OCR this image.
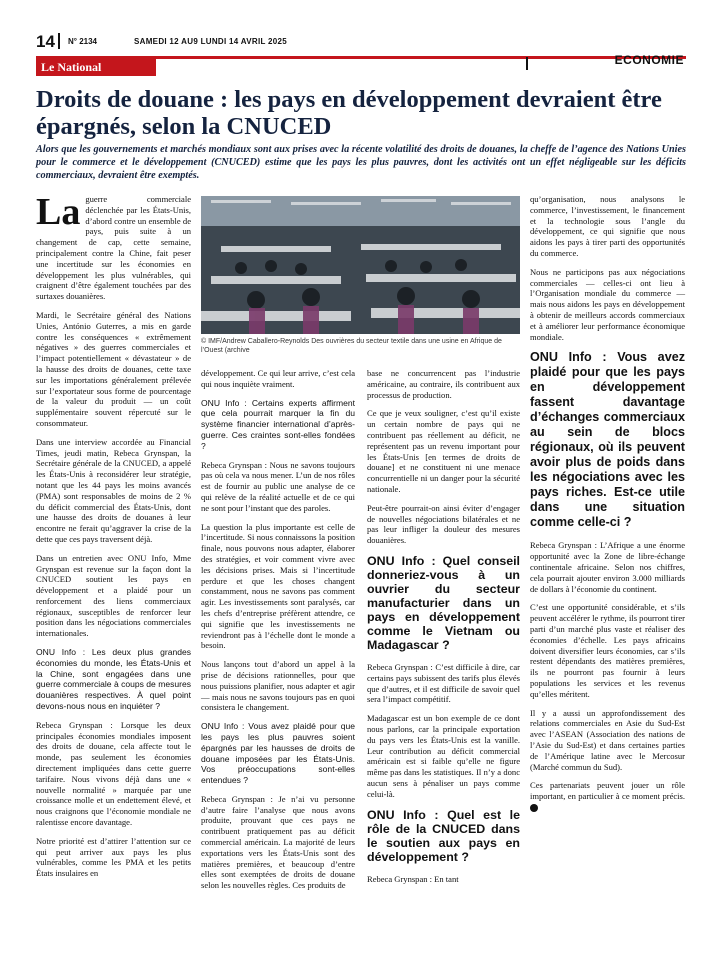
14 N° 2134	SAMEDI 12 AU9 LUNDI 14 AVRIL 2025
Le National	ECONOMIE
Droits de douane : les pays en développement devraient être épargnés, selon la CNUCED

Alors que les gouvernements et marchés mondiaux sont aux prises avec la récente volatilité des droits de douanes, la cheffe de l’agence des Nations Unies pour le commerce et le développement (CNUCED) estime que les pays les plus pauvres, dont les activités ont un effet négligeable sur les déficits commerciaux, devraient être exemptés.

La guerre commerciale déclenchée par les États-Unis, d’abord contre un ensemble de pays, puis suite à un changement de cap, cette semaine, principalement contre la Chine, fait peser une incertitude sur les économies en développement les plus vulnérables, qui craignent d’être également touchées par des surtaxes douanières.

Mardi, le Secrétaire général des Nations Unies, António Guterres, a mis en garde contre les conséquences « extrêmement négatives » des guerres commerciales et l’impact potentiellement « dévastateur » de la hausse des droits de douanes, cette taxe sur les importations généralement prélevée sur l’exportateur sous forme de pourcentage de la valeur du produit — un coût supplémentaire souvent répercuté sur le consommateur.

Dans une interview accordée au Financial Times, jeudi matin, Rebeca Grynspan, la Secrétaire générale de la CNUCED, a appelé les États-Unis à reconsidérer leur stratégie, notant que les 44 pays les moins avancés (PMA) sont responsables de moins de 2 % du déficit commercial des États-Unis, dont une hausse des droits de douanes à leur encontre ne ferait qu’aggraver la crise de la dette que ces pays traversent déjà.

Dans un entretien avec ONU Info, Mme Grynspan est revenue sur la façon dont la CNUCED soutient les pays en développement et a plaidé pour un renforcement des liens commerciaux régionaux, susceptibles de renforcer leur position dans les négociations commerciales internationales.

ONU Info : Les deux plus grandes économies du monde, les États-Unis et la Chine, sont engagées dans une guerre commerciale à coups de mesures douanières respectives. À quel point devons-nous nous en inquiéter ?

Rebeca Grynspan : Lorsque les deux principales économies mondiales imposent des droits de douane, cela affecte tout le monde, pas seulement les économies directement impliquées dans cette guerre tarifaire. Nous vivons déjà dans une « nouvelle normalité » marquée par une croissance molle et un endettement élevé, et nous craignons que l’économie mondiale ne ralentisse encore davantage.

Notre priorité est d’attirer l’attention sur ce qui peut arriver aux pays les plus vulnérables, comme les PMA et les petits États insulaires en

© IMF/Andrew Caballero-Reynolds Des ouvrières du secteur textile dans une usine en Afrique de l’Ouest (archive

développement. Ce qui leur arrive, c’est cela qui nous inquiète vraiment.

ONU Info : Certains experts affirment que cela pourrait marquer la fin du système financier international d’après-guerre. Ces craintes sont-elles fondées ?

Rebeca Grynspan : Nous ne savons toujours pas où cela va nous mener. L’un de nos rôles est de fournir au public une analyse de ce qui relève de la réalité actuelle et de ce qui ne sont pour l’instant que des paroles.

La question la plus importante est celle de l’incertitude. Si nous connaissons la position finale, nous pouvons nous adapter, élaborer des stratégies, et voir comment vivre avec les décisions prises. Mais si l’incertitude perdure et que les choses changent constamment, nous ne savons pas comment agir. Les investissements sont paralysés, car les chefs d’entreprise préfèrent attendre, ce qui signifie que les investissements ne reviendront pas à l’échelle dont le monde a besoin.

Nous lançons tout d’abord un appel à la prise de décisions rationnelles, pour que nous puissions planifier, nous adapter et agir — mais nous ne savons toujours pas en quoi consistera le changement.

ONU Info : Vous avez plaidé pour que les pays les plus pauvres soient épargnés par les hausses de droits de douane imposées par les États-Unis. Vos préoccupations sont-elles entendues ?

Rebeca Grynspan : Je n’ai vu personne d’autre faire l’analyse que nous avons produite, prouvant que ces pays ne contribuent pratiquement pas au déficit commercial américain. La majorité de leurs exportations vers les États-Unis sont des matières premières, et beaucoup d’entre elles sont exemptées de droits de douane selon les nouvelles règles. Ces produits de

base ne concurrencent pas l’industrie américaine, au contraire, ils contribuent aux processus de production.

Ce que je veux souligner, c’est qu’il existe un certain nombre de pays qui ne contribuent pas réellement au déficit, ne représentent pas un revenu important pour les États-Unis [en termes de droits de douane] et ne constituent ni une menace concurrentielle ni un danger pour la sécurité nationale.

Peut-être pourrait-on ainsi éviter d’engager de nouvelles négociations bilatérales et ne pas leur infliger la douleur des mesures douanières.

ONU Info : Quel conseil donneriez-vous à un ouvrier du secteur manufacturier dans un pays en développement comme le Vietnam ou Madagascar ?

Rebeca Grynspan : C’est difficile à dire, car certains pays subissent des tarifs plus élevés que d’autres, et il est difficile de savoir quel sera l’impact compétitif.

Madagascar est un bon exemple de ce dont nous parlons, car la principale exportation du pays vers les États-Unis est la vanille. Leur contribution au déficit commercial américain est si faible qu’elle ne figure même pas dans les statistiques. Il n’y a donc aucun sens à pénaliser un pays comme celui-là.

ONU Info : Quel est le rôle de la CNUCED dans le soutien aux pays en développement ?

Rebeca Grynspan : En tant

qu’organisation, nous analysons le commerce, l’investissement, le financement et la technologie sous l’angle du développement, ce qui signifie que nous aidons les pays à tirer parti des opportunités du commerce.

Nous ne participons pas aux négociations commerciales — celles-ci ont lieu à l’Organisation mondiale du commerce — mais nous aidons les pays en développement à obtenir de meilleurs accords commerciaux et à améliorer leur performance économique mondiale.

ONU Info : Vous avez plaidé pour que les pays en développement fassent davantage d’échanges commerciaux au sein de blocs régionaux, où ils peuvent avoir plus de poids dans les négociations avec les pays riches. Est-ce utile dans une situation comme celle-ci ?

Rebeca Grynspan : L’Afrique a une énorme opportunité avec la Zone de libre-échange continentale africaine. Selon nos chiffres, cela pourrait ajouter environ 3.000 milliards de dollars à l’économie du continent.

C’est une opportunité considérable, et s’ils peuvent accélérer le rythme, ils pourront tirer parti d’un marché plus vaste et réaliser des économies d’échelle. Les pays africains doivent diversifier leurs économies, car s’ils restent dépendants des matières premières, ils ne pourront pas fournir à leurs populations les services et les revenus qu’elles méritent.

Il y a aussi un approfondissement des relations commerciales en Asie du Sud-Est avec l’ASEAN (Association des nations de l’Asie du Sud-Est) et dans certaines parties de l’Amérique latine avec le Mercosur (Marché commun du Sud).

Ces partenariats peuvent jouer un rôle important, en particulier à ce moment précis.
